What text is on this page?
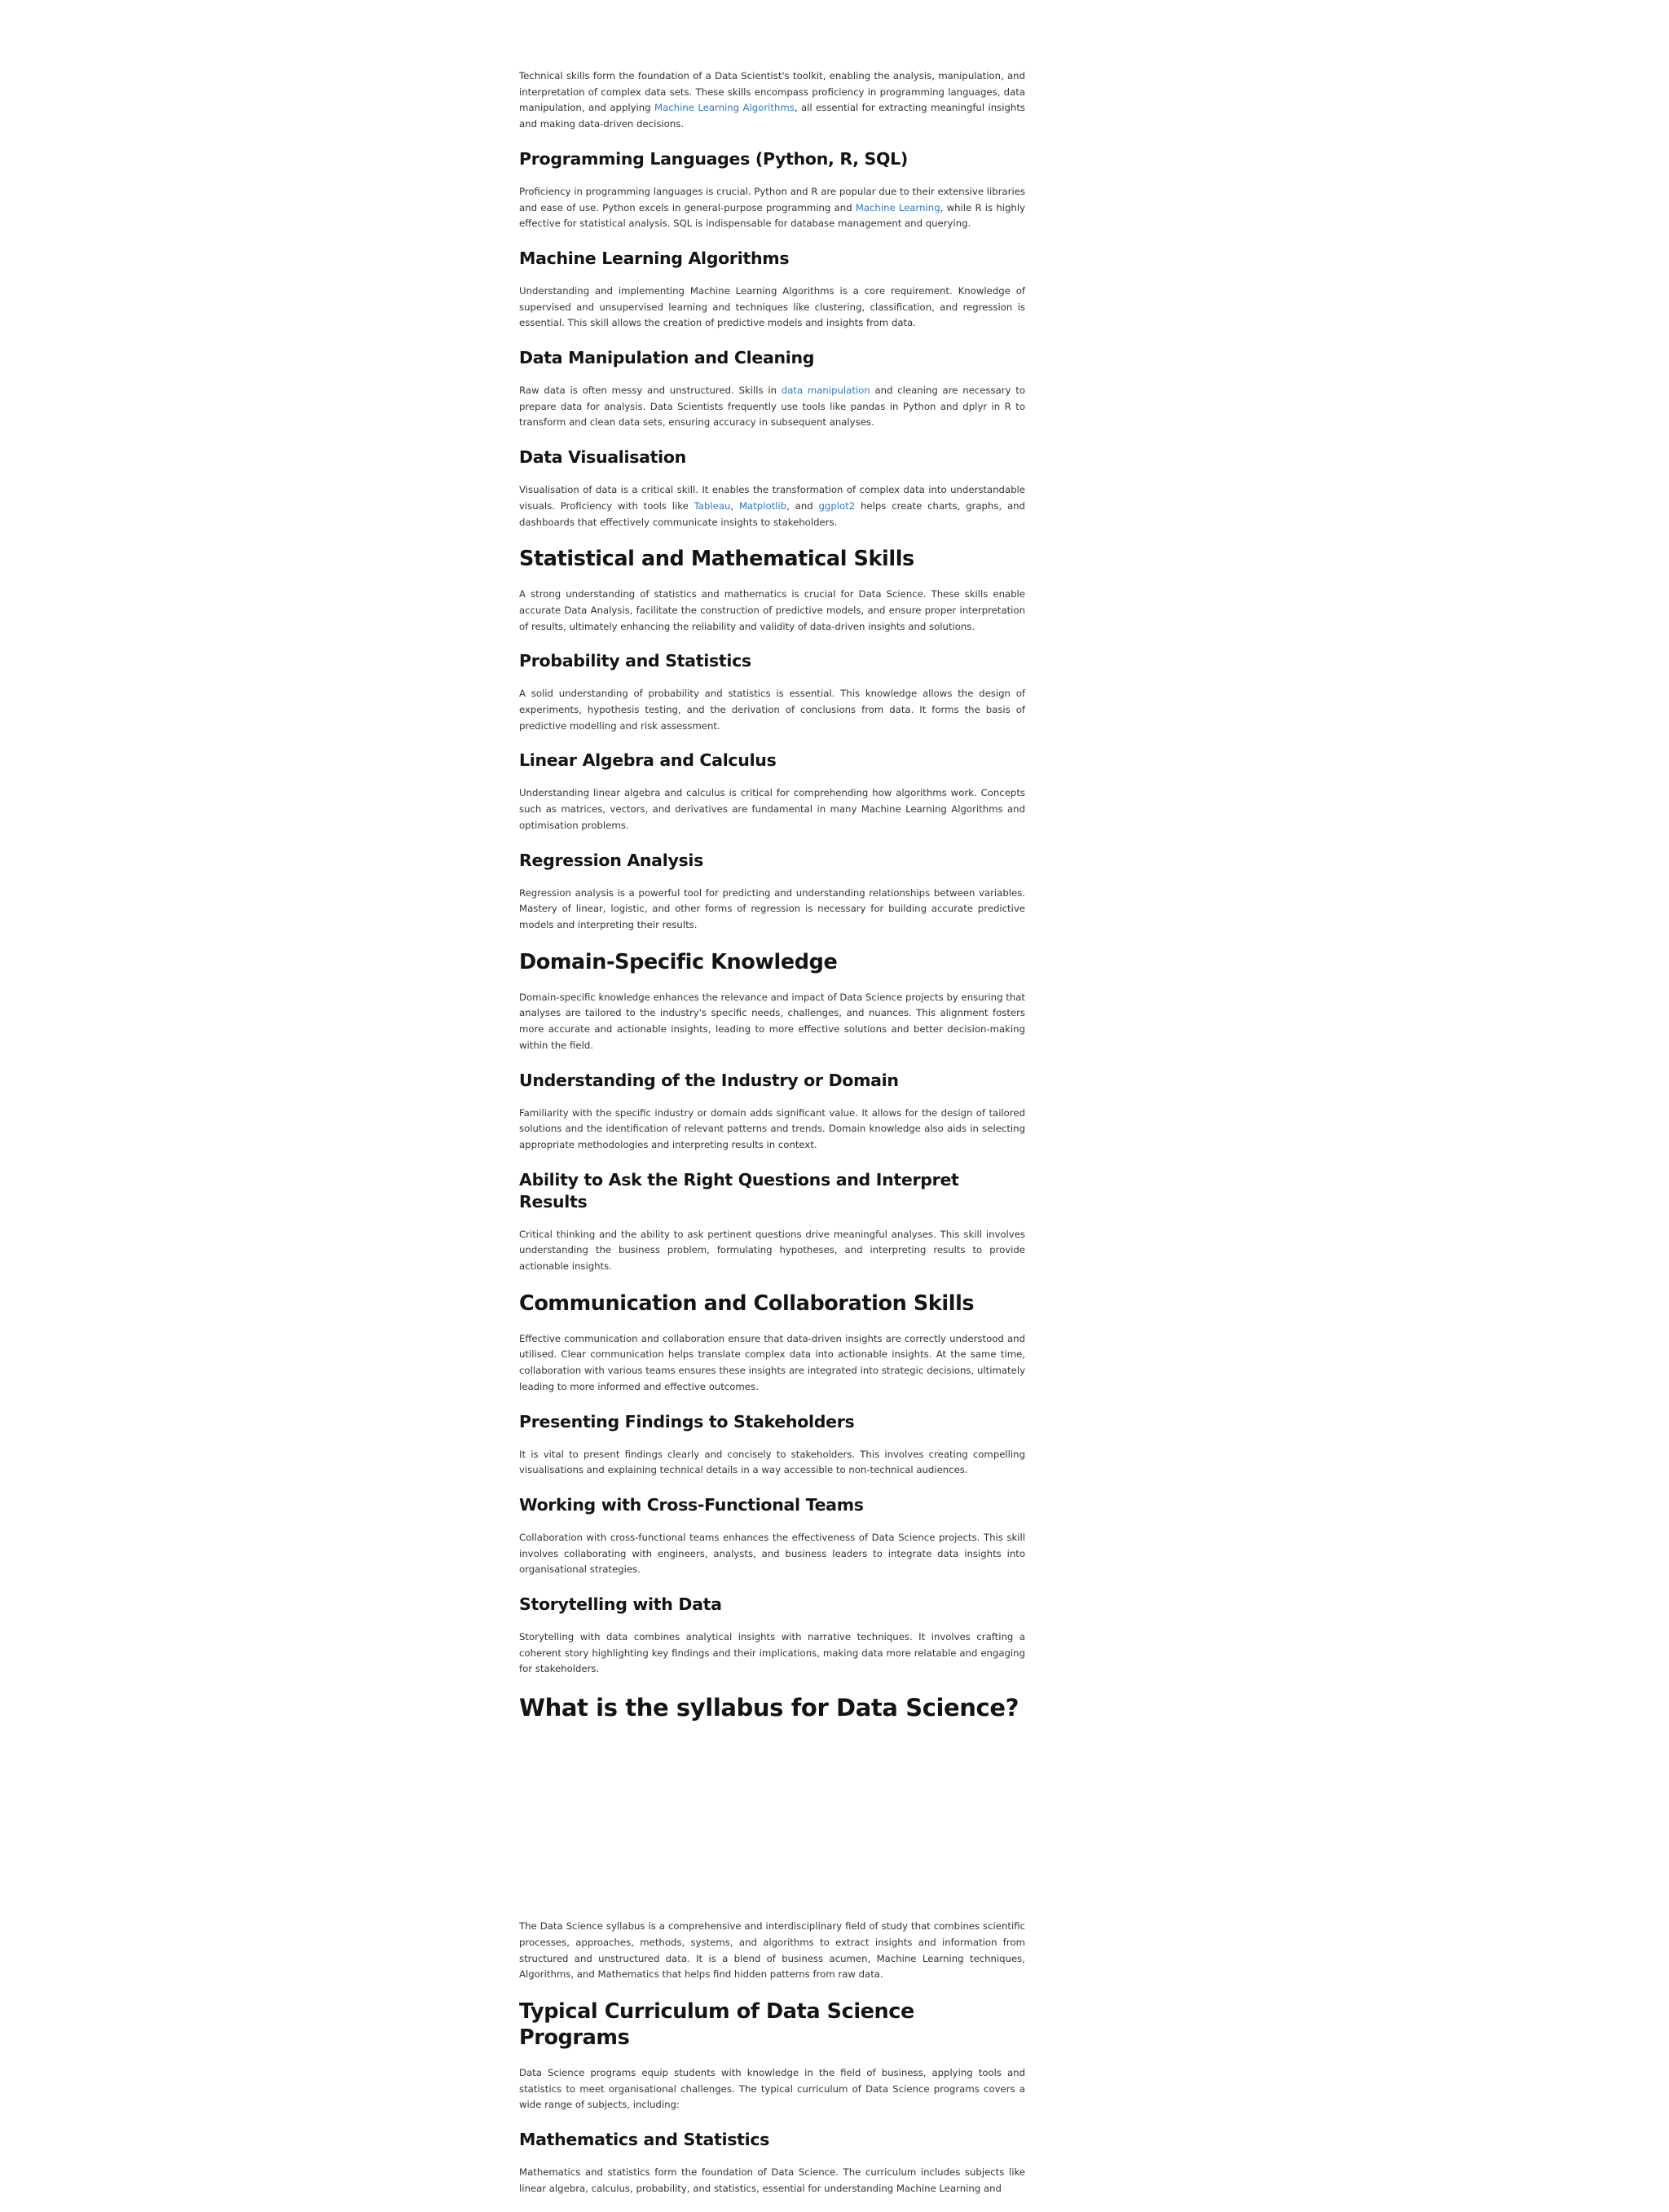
Technical skills form the foundation of a Data Scientist's toolkit, enabling the analysis, manipulation, and interpretation of complex data sets. These skills encompass proficiency in programming languages, data manipulation, and applying Machine Learning Algorithms, all essential for extracting meaningful insights and making data-driven decisions.

Programming Languages (Python, R, SQL)

Proficiency in programming languages is crucial. Python and R are popular due to their extensive libraries and ease of use. Python excels in general-purpose programming and Machine Learning, while R is highly effective for statistical analysis. SQL is indispensable for database management and querying.

Machine Learning Algorithms

Understanding and implementing Machine Learning Algorithms is a core requirement. Knowledge of supervised and unsupervised learning and techniques like clustering, classification, and regression is essential. This skill allows the creation of predictive models and insights from data.

Data Manipulation and Cleaning

Raw data is often messy and unstructured. Skills in data manipulation and cleaning are necessary to prepare data for analysis. Data Scientists frequently use tools like pandas in Python and dplyr in R to transform and clean data sets, ensuring accuracy in subsequent analyses.

Data Visualisation

Visualisation of data is a critical skill. It enables the transformation of complex data into understandable visuals. Proficiency with tools like Tableau, Matplotlib, and ggplot2 helps create charts, graphs, and dashboards that effectively communicate insights to stakeholders.

Statistical and Mathematical Skills

A strong understanding of statistics and mathematics is crucial for Data Science. These skills enable accurate Data Analysis, facilitate the construction of predictive models, and ensure proper interpretation of results, ultimately enhancing the reliability and validity of data-driven insights and solutions.

Probability and Statistics

A solid understanding of probability and statistics is essential. This knowledge allows the design of experiments, hypothesis testing, and the derivation of conclusions from data. It forms the basis of predictive modelling and risk assessment.

Linear Algebra and Calculus

Understanding linear algebra and calculus is critical for comprehending how algorithms work. Concepts such as matrices, vectors, and derivatives are fundamental in many Machine Learning Algorithms and optimisation problems.

Regression Analysis

Regression analysis is a powerful tool for predicting and understanding relationships between variables. Mastery of linear, logistic, and other forms of regression is necessary for building accurate predictive models and interpreting their results.

Domain-Specific Knowledge

Domain-specific knowledge enhances the relevance and impact of Data Science projects by ensuring that analyses are tailored to the industry's specific needs, challenges, and nuances. This alignment fosters more accurate and actionable insights, leading to more effective solutions and better decision-making within the field.

Understanding of the Industry or Domain

Familiarity with the specific industry or domain adds significant value. It allows for the design of tailored solutions and the identification of relevant patterns and trends. Domain knowledge also aids in selecting appropriate methodologies and interpreting results in context.

Ability to Ask the Right Questions and Interpret Results

Critical thinking and the ability to ask pertinent questions drive meaningful analyses. This skill involves understanding the business problem, formulating hypotheses, and interpreting results to provide actionable insights.

Communication and Collaboration Skills

Effective communication and collaboration ensure that data-driven insights are correctly understood and utilised. Clear communication helps translate complex data into actionable insights. At the same time, collaboration with various teams ensures these insights are integrated into strategic decisions, ultimately leading to more informed and effective outcomes.

Presenting Findings to Stakeholders

It is vital to present findings clearly and concisely to stakeholders. This involves creating compelling visualisations and explaining technical details in a way accessible to non-technical audiences.

Working with Cross-Functional Teams

Collaboration with cross-functional teams enhances the effectiveness of Data Science projects. This skill involves collaborating with engineers, analysts, and business leaders to integrate data insights into organisational strategies.

Storytelling with Data

Storytelling with data combines analytical insights with narrative techniques. It involves crafting a coherent story highlighting key findings and their implications, making data more relatable and engaging for stakeholders.

What is the syllabus for Data Science?

The Data Science syllabus is a comprehensive and interdisciplinary field of study that combines scientific processes, approaches, methods, systems, and algorithms to extract insights and information from structured and unstructured data. It is a blend of business acumen, Machine Learning techniques, Algorithms, and Mathematics that helps find hidden patterns from raw data.

Typical Curriculum of Data Science Programs

Data Science programs equip students with knowledge in the field of business, applying tools and statistics to meet organisational challenges. The typical curriculum of Data Science programs covers a wide range of subjects, including:

Mathematics and Statistics

Mathematics and statistics form the foundation of Data Science. The curriculum includes subjects like linear algebra, calculus, probability, and statistics, essential for understanding Machine Learning and
